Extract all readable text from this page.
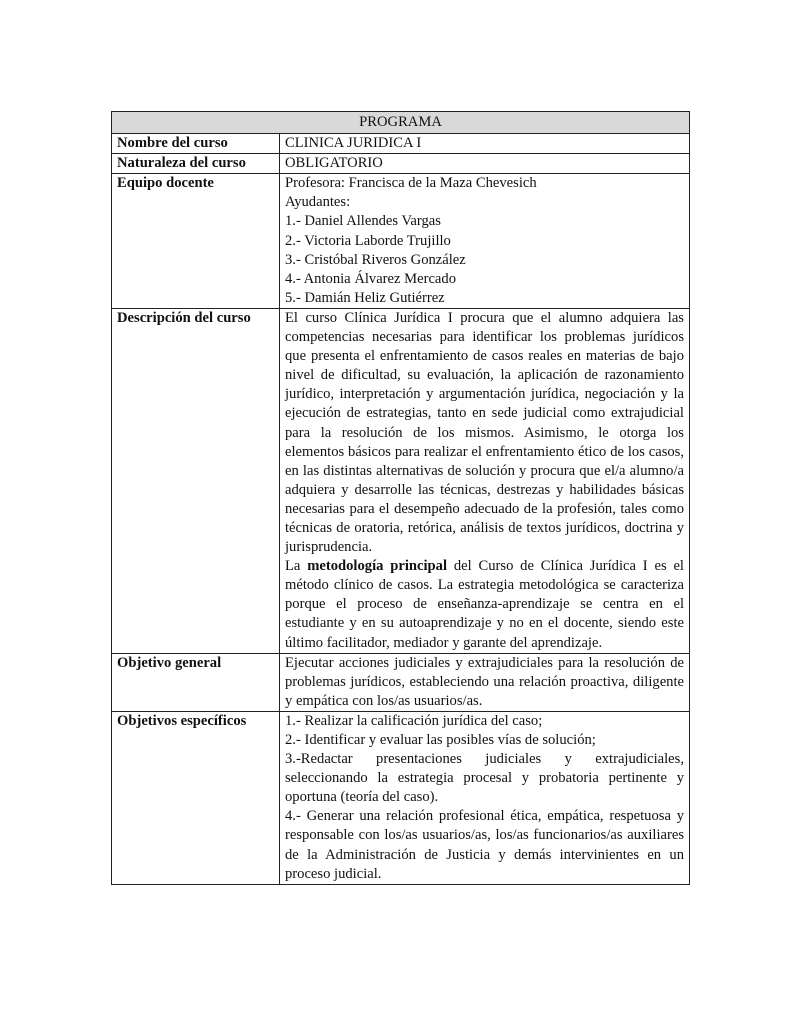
PROGRAMA	
Nombre del curso	CLINICA JURIDICA I
Naturaleza del curso	OBLIGATORIO
Equipo docente	Profesora: Francisca de la Maza Chevesich

Ayudantes:

1.- Daniel Allendes Vargas

2.- Victoria Laborde Trujillo

3.- Cristóbal Riveros González

4.- Antonia Álvarez Mercado

5.- Damián Heliz Gutiérrez

Descripción del curso	El curso Clínica Jurídica I procura que el alumno adquiera las competencias necesarias para identificar los problemas jurídicos que presenta el enfrentamiento de casos reales en materias de bajo nivel de dificultad, su evaluación, la aplicación de razonamiento jurídico, interpretación y argumentación jurídica, negociación y la ejecución de estrategias, tanto en sede judicial como extrajudicial para la resolución de los mismos. Asimismo, le otorga los elementos básicos para realizar el enfrentamiento ético de los casos, en las distintas alternativas de solución y procura que el/a alumno/a adquiera y desarrolle las técnicas, destrezas y habilidades básicas necesarias para el desempeño adecuado de la profesión, tales como técnicas de oratoria, retórica, análisis de textos jurídicos, doctrina y jurisprudencia.

La metodología principal del Curso de Clínica Jurídica I es el método clínico de casos. La estrategia metodológica se caracteriza porque el proceso de enseñanza-aprendizaje se centra en el estudiante y en su autoaprendizaje y no en el docente, siendo este último facilitador, mediador y garante del aprendizaje.

Objetivo general	Ejecutar acciones judiciales y extrajudiciales para la resolución de problemas jurídicos, estableciendo una relación proactiva, diligente y empática con los/as usuarios/as.
Objetivos específicos	1.- Realizar la calificación jurídica del caso;

2.- Identificar y evaluar las posibles vías de solución;

3.-Redactar presentaciones judiciales y extrajudiciales, seleccionando la estrategia procesal y probatoria pertinente y oportuna (teoría del caso).

4.- Generar una relación profesional ética, empática, respetuosa y responsable con los/as usuarios/as, los/as funcionarios/as auxiliares de la Administración de Justicia y demás intervinientes en un proceso judicial.
